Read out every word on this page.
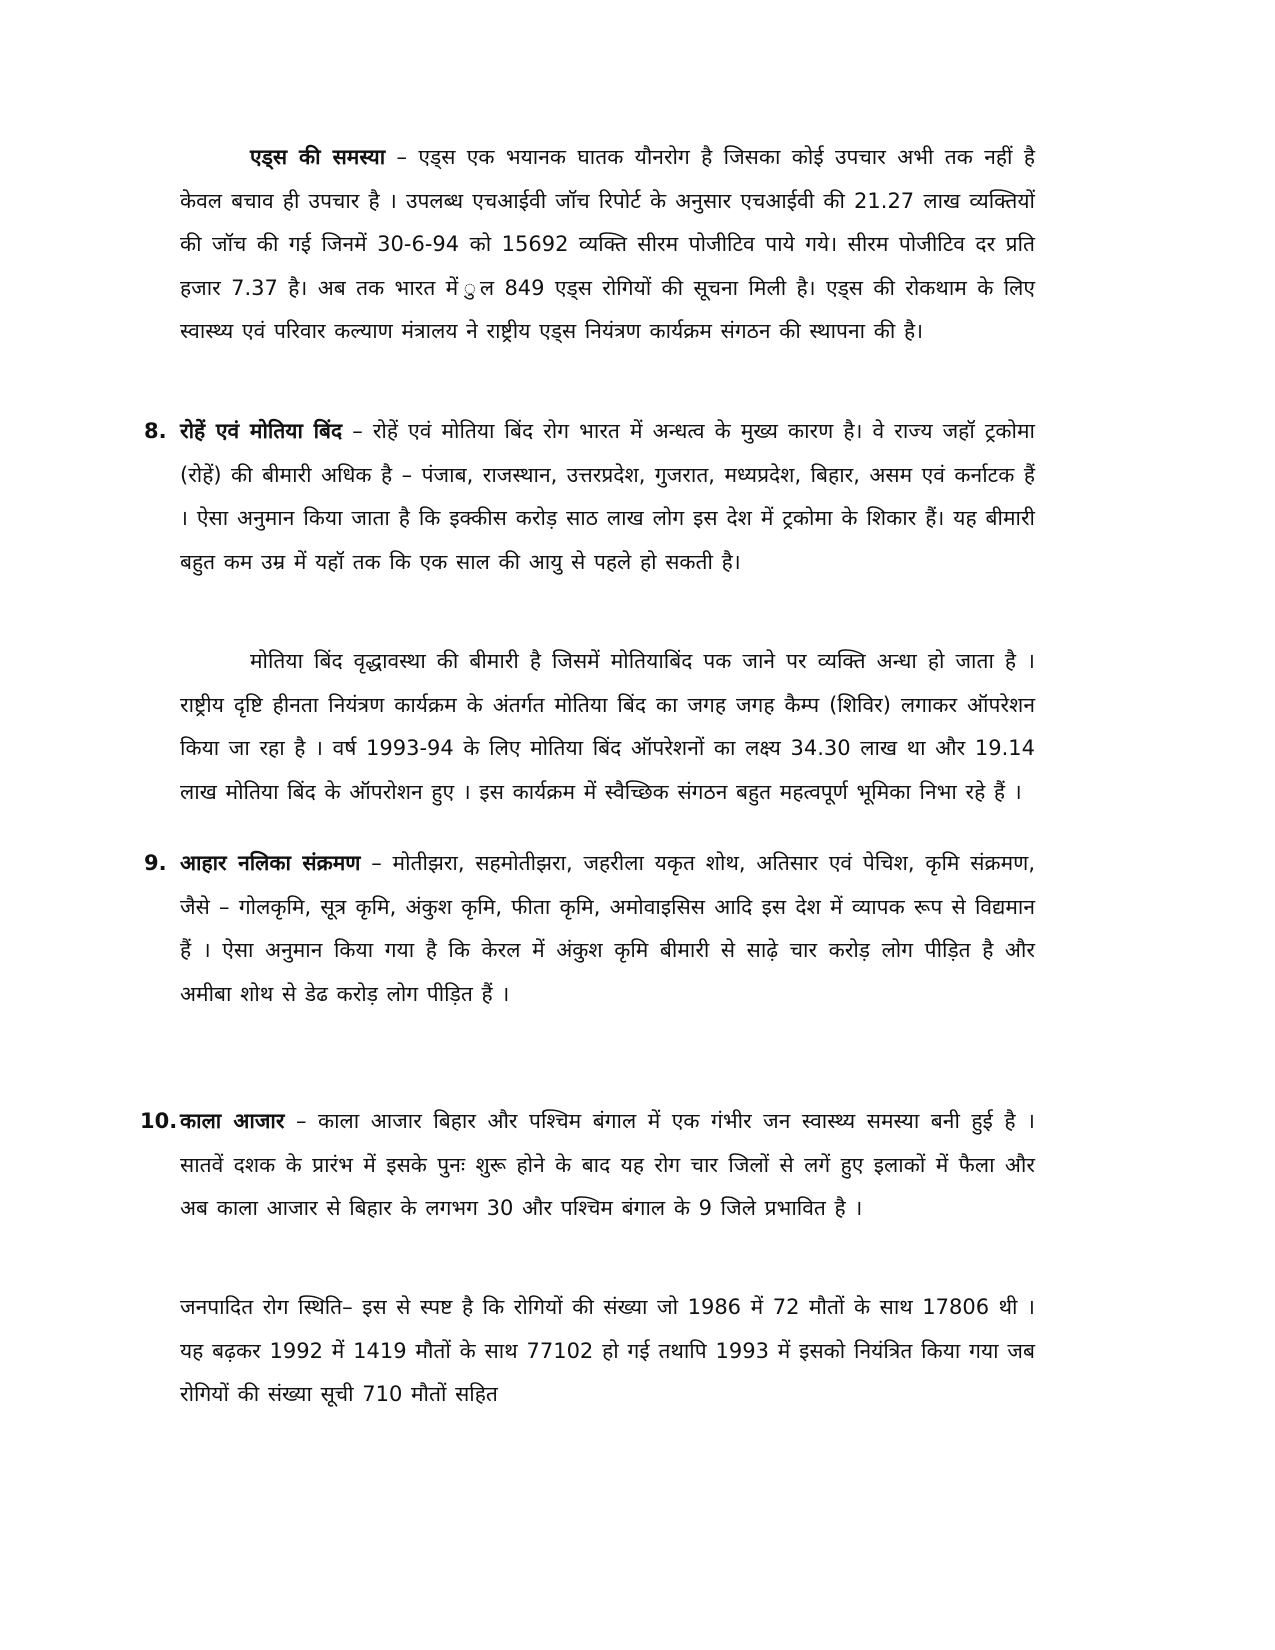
एड्स की समस्या – एड्स एक भयानक घातक यौनरोग है जिसका कोई उपचार अभी तक नहीं है केवल बचाव ही उपचार है । उपलब्ध एचआईवी जॉच रिपोर्ट के अनुसार एचआईवी की 21.27 लाख व्यक्तियों की जॉच की गई जिनमें 30-6-94 को 15692 व्यक्ति सीरम पोजीटिव पाये गये। सीरम पोजीटिव दर प्रति हजार 7.37 है। अब तक भारत में ुल 849 एड्स रोगियों की सूचना मिली है। एड्स की रोकथाम के लिए स्वास्थ्य एवं परिवार कल्याण मंत्रालय ने राष्ट्रीय एड्स नियंत्रण कार्यक्रम संगठन की स्थापना की है।

8. रोहें एवं मोतिया बिंद – रोहें एवं मोतिया बिंद रोग भारत में अन्धत्व के मुख्य कारण है। वे राज्य जहॉ ट्रकोमा (रोहें) की बीमारी अधिक है – पंजाब, राजस्थान, उत्तरप्रदेश, गुजरात, मध्यप्रदेश, बिहार, असम एवं कर्नाटक हैं । ऐसा अनुमान किया जाता है कि इक्कीस करोड़ साठ लाख लोग इस देश में ट्रकोमा के शिकार हैं। यह बीमारी बहुत कम उम्र में यहॉ तक कि एक साल की आयु से पहले हो सकती है।

मोतिया बिंद वृद्धावस्था की बीमारी है जिसमें मोतियाबिंद पक जाने पर व्यक्ति अन्धा हो जाता है । राष्ट्रीय दृष्टि हीनता नियंत्रण कार्यक्रम के अंतर्गत मोतिया बिंद का जगह जगह कैम्प (शिविर) लगाकर ऑपरेशन किया जा रहा है । वर्ष 1993-94 के लिए मोतिया बिंद ऑपरेशनों का लक्ष्य 34.30 लाख था और 19.14 लाख मोतिया बिंद के ऑपरोशन हुए । इस कार्यक्रम में स्वैच्छिक संगठन बहुत महत्वपूर्ण भूमिका निभा रहे हैं ।

9. आहार नलिका संक्रमण – मोतीझरा, सहमोतीझरा, जहरीला यकृत शोथ, अतिसार एवं पेचिश, कृमि संक्रमण, जैसे – गोलकृमि, सूत्र कृमि, अंकुश कृमि, फीता कृमि, अमोवाइसिस आदि इस देश में व्यापक रूप से विद्यमान हैं । ऐसा अनुमान किया गया है कि केरल में अंकुश कृमि बीमारी से साढ़े चार करोड़ लोग पीड़ित है और अमीबा शोथ से डेढ करोड़ लोग पीड़ित हैं ।

10. काला आजार – काला आजार बिहार और पश्चिम बंगाल में एक गंभीर जन स्वास्थ्य समस्या बनी हुई है । सातवें दशक के प्रारंभ में इसके पुनः शुरू होने के बाद यह रोग चार जिलों से लगें हुए इलाकों में फैला और अब काला आजार से बिहार के लगभग 30 और पश्चिम बंगाल के 9 जिले प्रभावित है ।

जनपादित रोग स्थिति– इस से स्पष्ट है कि रोगियों की संख्या जो 1986 में 72 मौतों के साथ 17806 थी । यह बढ़कर 1992 में 1419 मौतों के साथ 77102 हो गई तथापि 1993 में इसको नियंत्रित किया गया जब रोगियों की संख्या सूची 710 मौतों सहित
